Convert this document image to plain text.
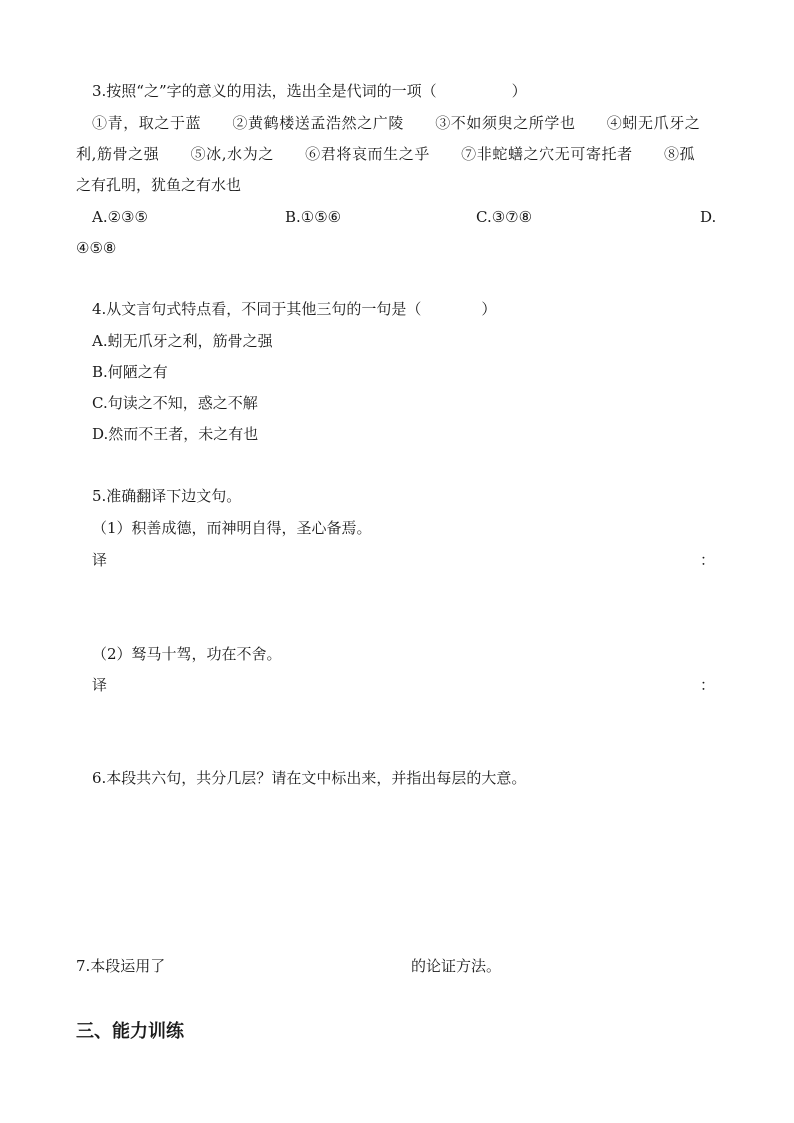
3.按照“之”字的意义的用法，选出全是代词的一项（　　　　　）
①青，取之于蓝　　②黄鹤楼送孟浩然之广陵　　③不如须臾之所学也　　④蚓无爪牙之
利,筋骨之强　　⑤冰,水为之　　⑥君将哀而生之乎　　⑦非蛇蟮之穴无可寄托者　　⑧孤
之有孔明，犹鱼之有水也
A.②③⑤	B.①⑤⑥	C.③⑦⑧	D.
④⑤⑧
4.从文言句式特点看，不同于其他三句的一句是（　　　　）
A.蚓无爪牙之利，筋骨之强
B.何陋之有
C.句读之不知，惑之不解
D.然而不王者，未之有也
5.准确翻译下边文句。
（1）积善成德，而神明自得，圣心备焉。
译	：
（2）驽马十驾，功在不舍。
译	：
6.本段共六句，共分几层？请在文中标出来，并指出每层的大意。
7.本段运用了	的论证方法。
三、能力训练
